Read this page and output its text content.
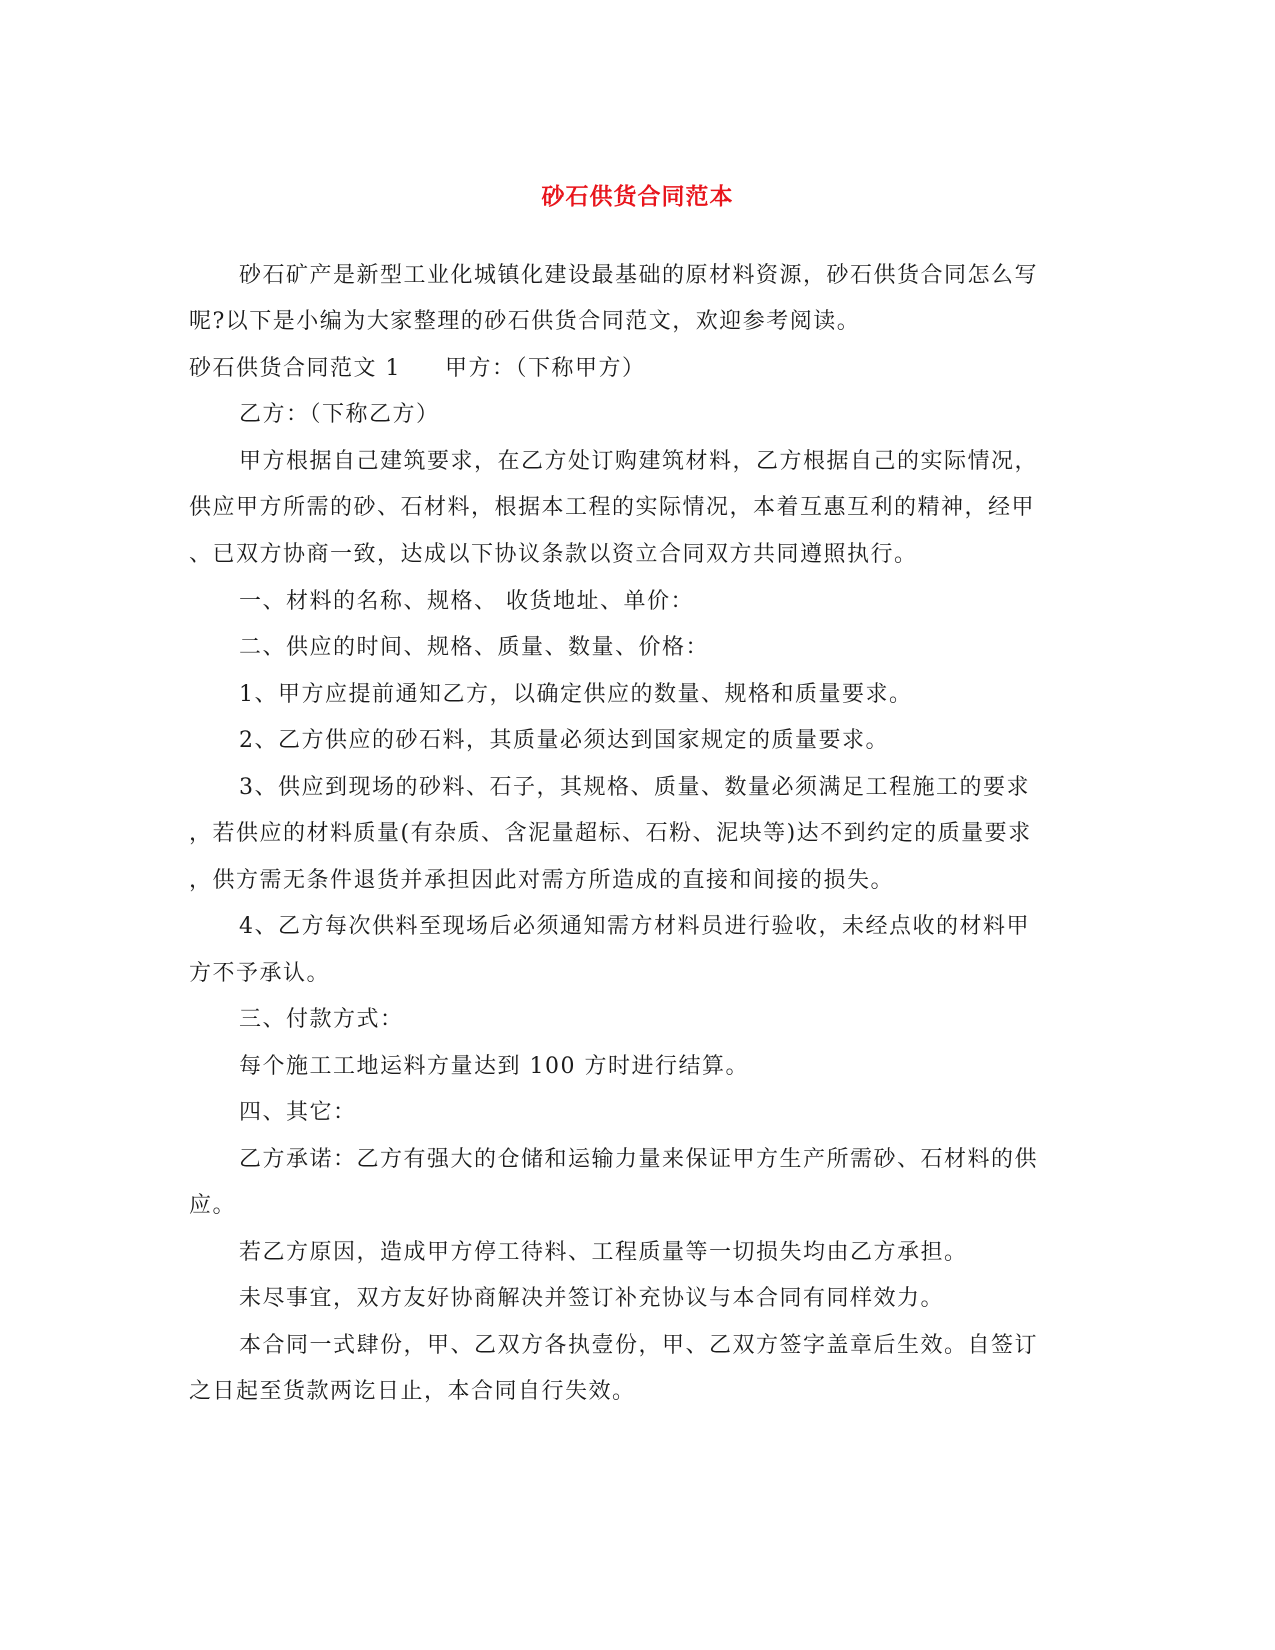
砂石供货合同范本
砂石矿产是新型工业化城镇化建设最基础的原材料资源，砂石供货合同怎么写
呢?以下是小编为大家整理的砂石供货合同范文，欢迎参考阅读。
砂石供货合同范文 1 甲方：（下称甲方）
乙方：（下称乙方）
甲方根据自己建筑要求，在乙方处订购建筑材料，乙方根据自己的实际情况，
供应甲方所需的砂、石材料，根据本工程的实际情况，本着互惠互利的精神，经甲
、已双方协商一致，达成以下协议条款以资立合同双方共同遵照执行。
一、材料的名称、规格、 收货地址、单价：
二、供应的时间、规格、质量、数量、价格：
1、甲方应提前通知乙方，以确定供应的数量、规格和质量要求。
2、乙方供应的砂石料，其质量必须达到国家规定的质量要求。
3、供应到现场的砂料、石子，其规格、质量、数量必须满足工程施工的要求
，若供应的材料质量(有杂质、含泥量超标、石粉、泥块等)达不到约定的质量要求
，供方需无条件退货并承担因此对需方所造成的直接和间接的损失。
4、乙方每次供料至现场后必须通知需方材料员进行验收，未经点收的材料甲
方不予承认。
三、付款方式：
每个施工工地运料方量达到 100 方时进行结算。
四、其它：
乙方承诺：乙方有强大的仓储和运输力量来保证甲方生产所需砂、石材料的供
应。
若乙方原因，造成甲方停工待料、工程质量等一切损失均由乙方承担。
未尽事宜，双方友好协商解决并签订补充协议与本合同有同样效力。
本合同一式肆份，甲、乙双方各执壹份，甲、乙双方签字盖章后生效。自签订
之日起至货款两讫日止，本合同自行失效。
